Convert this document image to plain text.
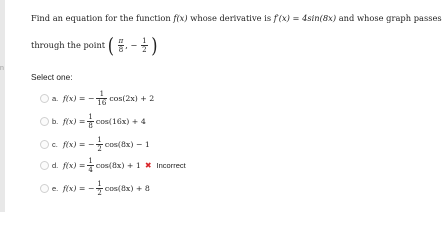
n
Find an equation for the function f(x) whose derivative is f′(x) = 4sin(8x) and whose graph passes
through the point ( $\frac{\pi}{8}$ , − $\frac{1}{2}$ )
Select one:
a. f(x) = − $\frac{1}{16} \cos(2x) + 2$
b. $f(x) = \frac{1}{8} \cos(16x) + 4$
c. f(x) = − $\frac{1}{2} \cos(8x) - 1$
d. $f(x) = \frac{1}{4} \cos(8x) + 1$ ✖ Incorrect
e. f(x) = − $\frac{1}{2} \cos(8x) + 8$
